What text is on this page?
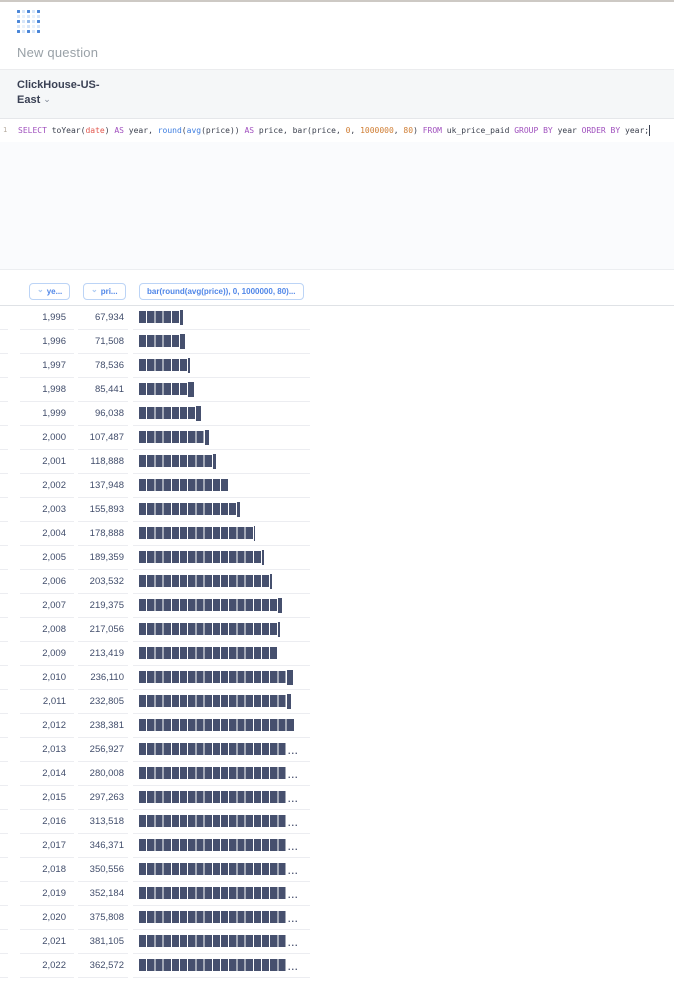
New question
ClickHouse-US-
East ⌄
1	SELECT toYear(date) AS year, round(avg(price)) AS price, bar(price, 0, 1000000, 80) FROM uk_price_paid GROUP BY year ORDER BY year;
⌄ ye...	⌄ pri...	bar(round(avg(price)), 0, 1000000, 80)...
1,995	67,934
1,996	71,508
1,997	78,536
1,998	85,441
1,999	96,038
2,000	107,487
2,001	118,888
2,002	137,948
2,003	155,893
2,004	178,888
2,005	189,359
2,006	203,532
2,007	219,375
2,008	217,056
2,009	213,419
2,010	236,110
2,011	232,805
2,012	238,381
2,013	256,927	...
2,014	280,008	...
2,015	297,263	...
2,016	313,518	...
2,017	346,371	...
2,018	350,556	...
2,019	352,184	...
2,020	375,808	...
2,021	381,105	...
2,022	362,572	...
